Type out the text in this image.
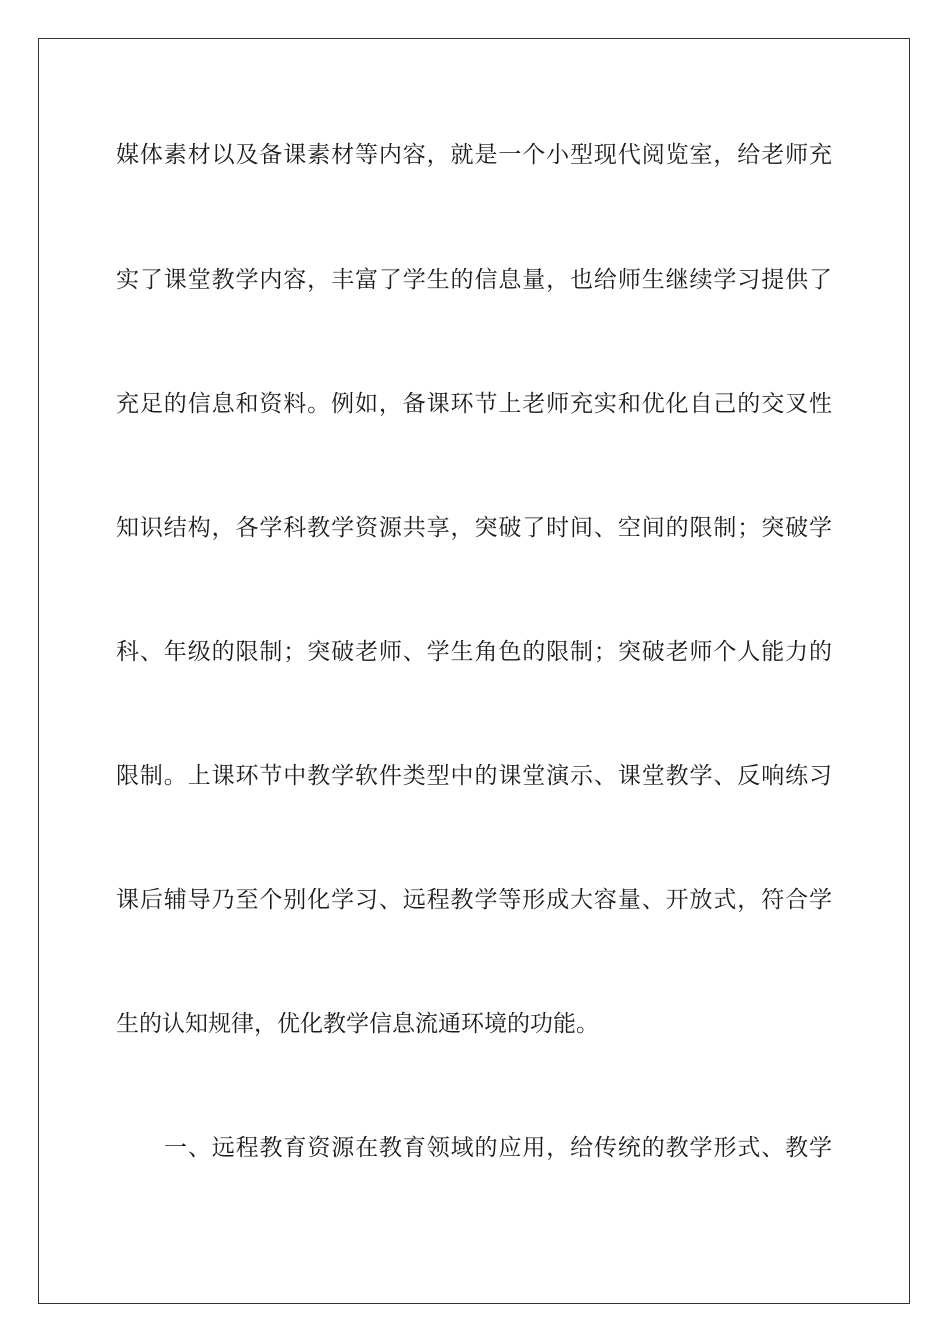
媒体素材以及备课素材等内容，就是一个小型现代阅览室，给老师充
实了课堂教学内容，丰富了学生的信息量，也给师生继续学习提供了
充足的信息和资料。例如，备课环节上老师充实和优化自己的交叉性
知识结构，各学科教学资源共享，突破了时间、空间的限制；突破学
科、年级的限制；突破老师、学生角色的限制；突破老师个人能力的
限制。上课环节中教学软件类型中的课堂演示、课堂教学、反响练习
课后辅导乃至个别化学习、远程教学等形成大容量、开放式，符合学
生的认知规律，优化教学信息流通环境的功能。
一、远程教育资源在教育领域的应用，给传统的教学形式、教学
